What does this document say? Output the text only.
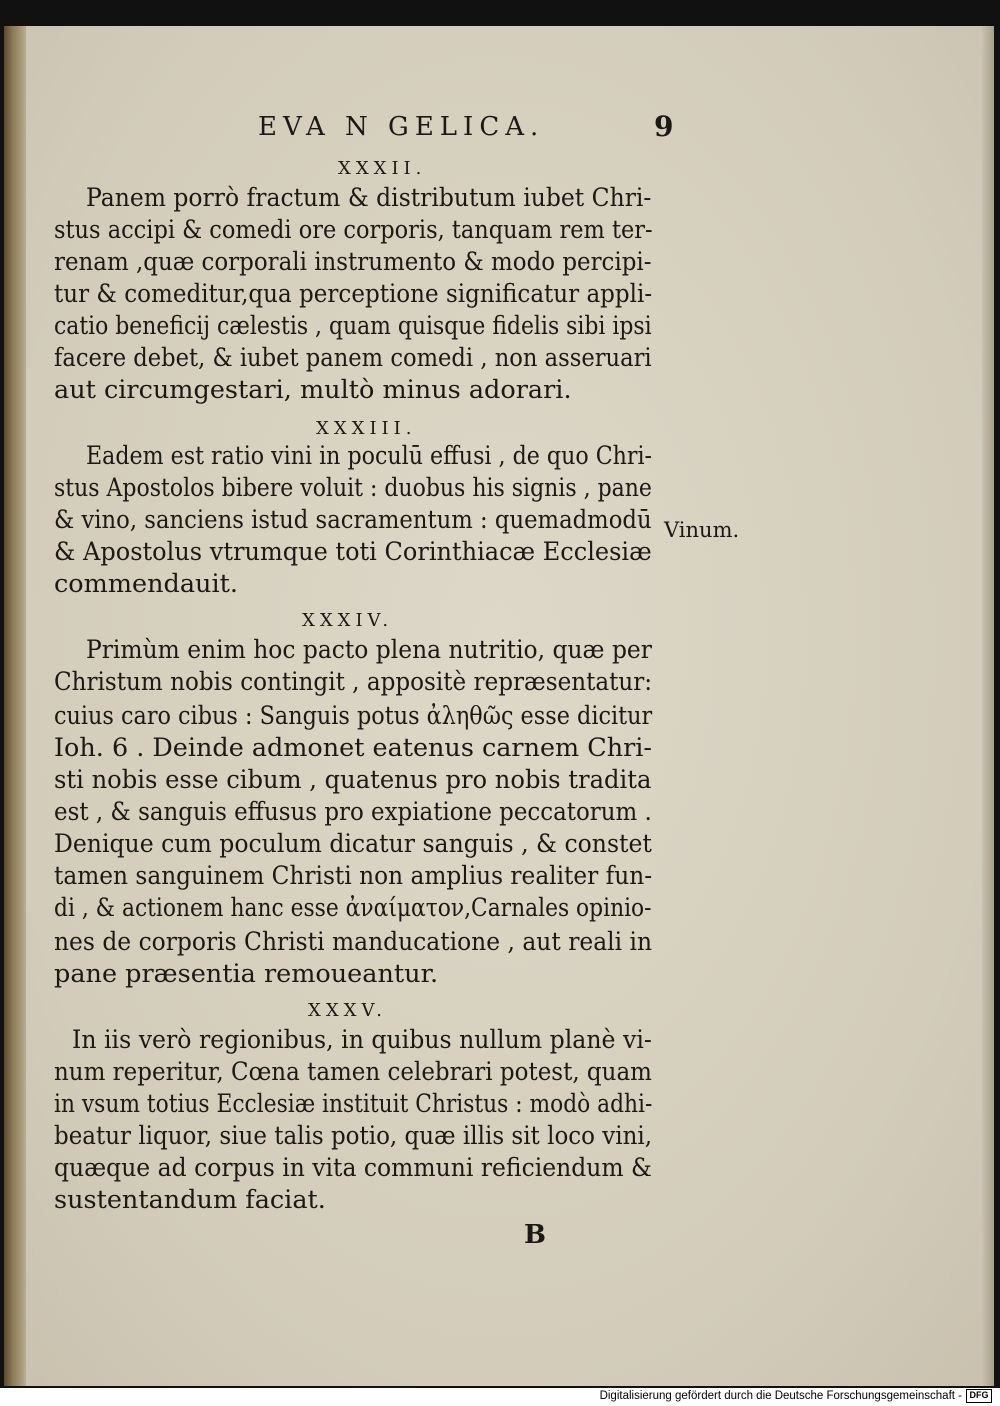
EVA N GELICA.	9
XXXII.
Panem porrò fractum & distributum iubet Chri-
stus accipi & comedi ore corporis, tanquam rem ter-
renam ,quæ corporali instrumento & modo percipi-
tur & comeditur,qua perceptione significatur appli-
catio beneficij cælestis , quam quisque fidelis sibi ipsi
facere debet, & iubet panem comedi , non asseruari
aut circumgestari, multò minus adorari.
XXXIII.
Eadem est ratio vini in poculū effusi , de quo Chri-
stus Apostolos bibere voluit : duobus his signis , pane
& vino, sanciens istud sacramentum : quemadmodū
& Apostolus vtrumque toti Corinthiacæ Ecclesiæ
commendauit.
Vinum.
XXXIV.
Primùm enim hoc pacto plena nutritio, quæ per
Christum nobis contingit , appositè repræsentatur:
cuius caro cibus : Sanguis potus ἀληθῶς esse dicitur
Ioh. 6 . Deinde admonet eatenus carnem Chri-
sti nobis esse cibum , quatenus pro nobis tradita
est , & sanguis effusus pro expiatione peccatorum .
Denique cum poculum dicatur sanguis , & constet
tamen sanguinem Christi non amplius realiter fun-
di , & actionem hanc esse ἀναίματον,Carnales opinio-
nes de corporis Christi manducatione , aut reali in
pane præsentia remoueantur.
XXXV.
In iis verò regionibus, in quibus nullum planè vi-
num reperitur, Cœna tamen celebrari potest, quam
in vsum totius Ecclesiæ instituit Christus : modò adhi-
beatur liquor, siue talis potio, quæ illis sit loco vini,
quæque ad corpus in vita communi reficiendum &
sustentandum faciat.
B
Digitalisierung gefördert durch die Deutsche Forschungsgemeinschaft - DFG
